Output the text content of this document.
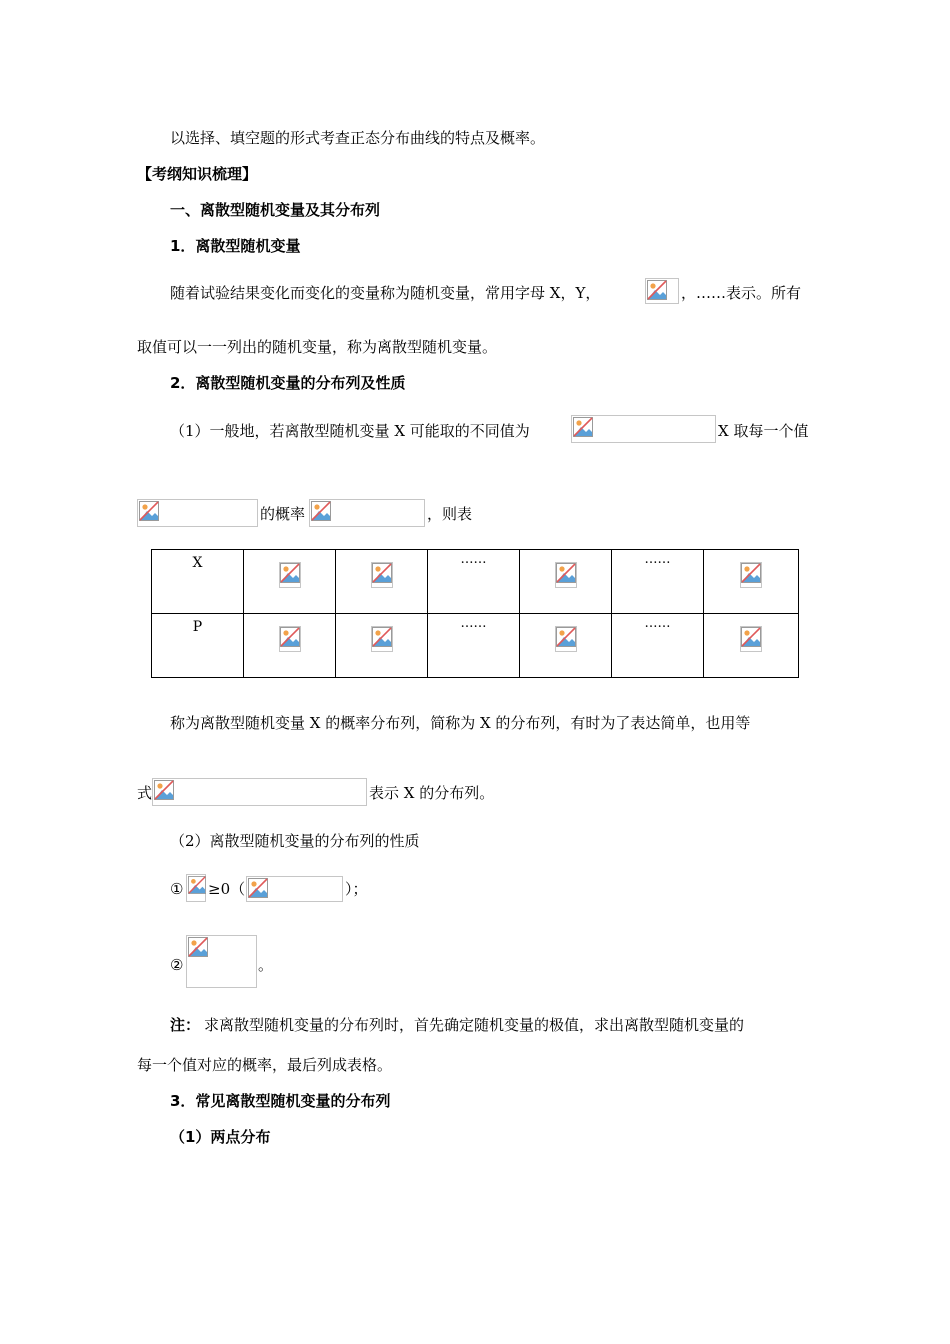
以选择、填空题的形式考查正态分布曲线的特点及概率。
【考纲知识梳理】
一、离散型随机变量及其分布列
1．离散型随机变量
随着试验结果变化而变化的变量称为随机变量，常用字母 X，Y，	，……表示。所有
取值可以一一列出的随机变量，称为离散型随机变量。
2．离散型随机变量的分布列及性质
（1）一般地，若离散型随机变量 X 可能取的不同值为	X 取每一个值
的概率	，则表
X			……		……

P			……		……

称为离散型随机变量 X 的概率分布列，简称为 X 的分布列，有时为了表达简单，也用等
式	表示 X 的分布列。
（2）离散型随机变量的分布列的性质
① ≥0（	）；
②	。
注： 求离散型随机变量的分布列时，首先确定随机变量的极值，求出离散型随机变量的
每一个值对应的概率，最后列成表格。
3．常见离散型随机变量的分布列
（1）两点分布
